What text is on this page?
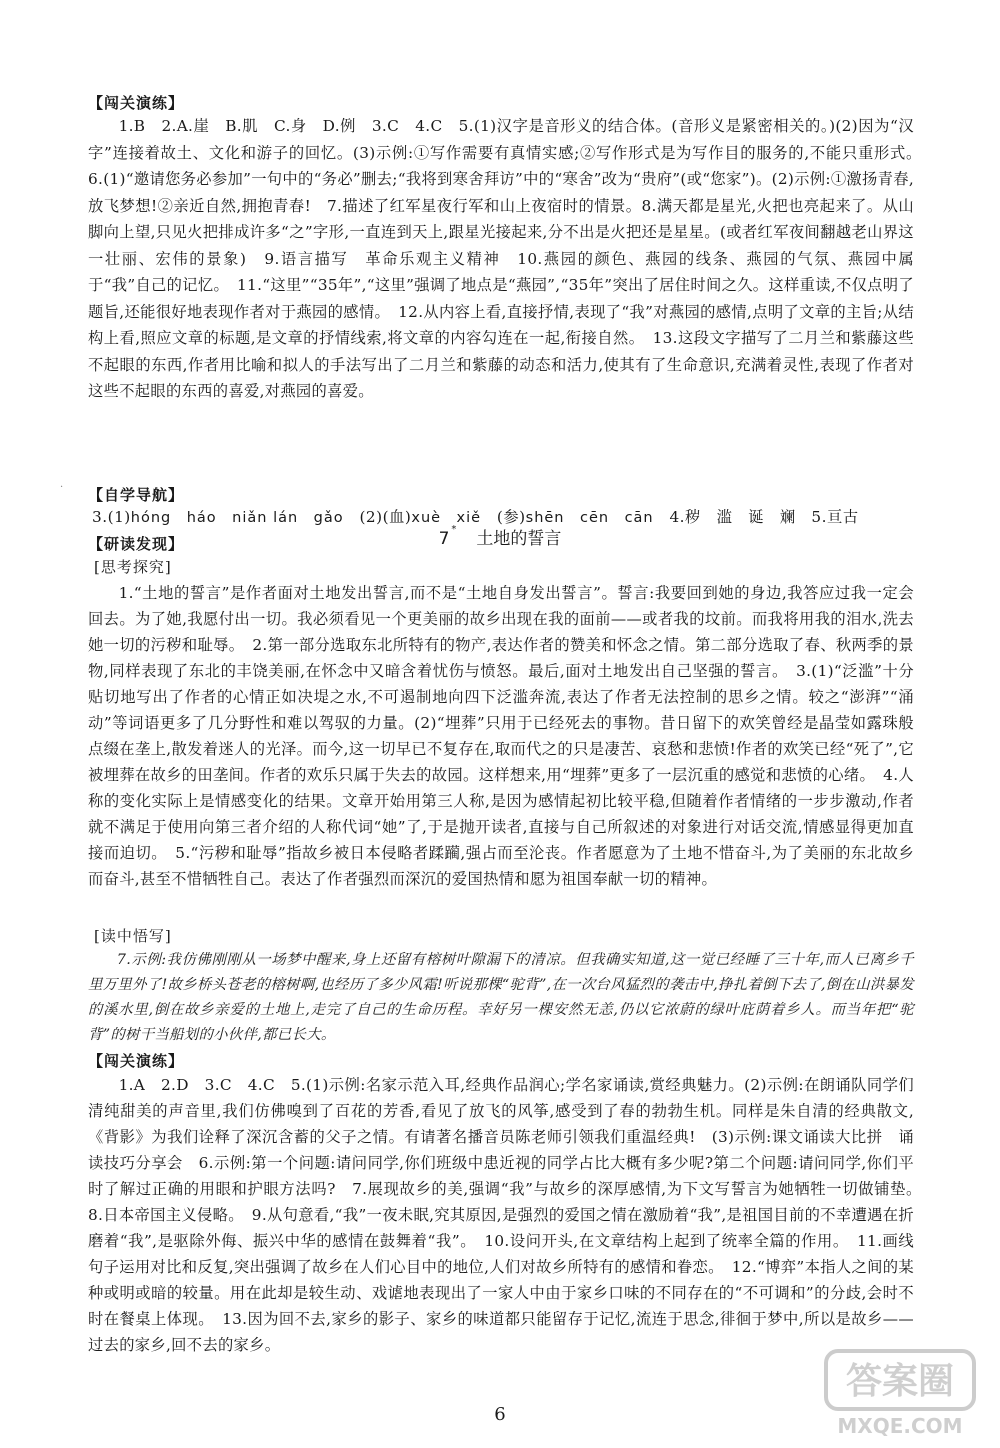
【闯关演练】
1.B　2.A.崖　B.肌　C.身　D.例　3.C　4.C　5.(1)汉字是音形义的结合体。(音形义是紧密相关的。)(2)因为“汉字”连接着故土、文化和游子的回忆。(3)示例:①写作需要有真情实感;②写作形式是为写作目的服务的,不能只重形式。　6.(1)“邀请您务必参加”一句中的“务必”删去;“我将到寒舍拜访”中的“寒舍”改为“贵府”(或“您家”)。(2)示例:①激扬青春,放飞梦想!②亲近自然,拥抱青春!　7.描述了红军星夜行军和山上夜宿时的情景。8.满天都是星光,火把也亮起来了。从山脚向上望,只见火把排成许多“之”字形,一直连到天上,跟星光接起来,分不出是火把还是星星。(或者红军夜间翻越老山界这一壮丽、宏伟的景象)　9.语言描写　革命乐观主义精神　10.燕园的颜色、燕园的线条、燕园的气氛、燕园中属于“我”自己的记忆。　11.“这里”“35年”,“这里”强调了地点是“燕园”,“35年”突出了居住时间之久。这样重读,不仅点明了题旨,还能很好地表现作者对于燕园的感情。　12.从内容上看,直接抒情,表现了“我”对燕园的感情,点明了文章的主旨;从结构上看,照应文章的标题,是文章的抒情线索,将文章的内容勾连在一起,衔接自然。　13.这段文字描写了二月兰和紫藤这些不起眼的东西,作者用比喻和拟人的手法写出了二月兰和紫藤的动态和活力,使其有了生命意识,充满着灵性,表现了作者对这些不起眼的东西的喜爱,对燕园的喜爱。
7 * 土地的誓言
· 【自学导航】
3.(1)hóng　háo　niǎn lán　gǎo　 (2)(血)xuè　xiě　 (参)shēn　cēn　cān　 4.秽　滥　诞　斓　5.亘古
【研读发现】
[思考探究]
1.“土地的誓言”是作者面对土地发出誓言,而不是“土地自身发出誓言”。誓言:我要回到她的身边,我答应过我一定会回去。为了她,我愿付出一切。我必须看见一个更美丽的故乡出现在我的面前——或者我的坟前。而我将用我的泪水,洗去她一切的污秽和耻辱。　2.第一部分选取东北所特有的物产,表达作者的赞美和怀念之情。第二部分选取了春、秋两季的景物,同样表现了东北的丰饶美丽,在怀念中又暗含着忧伤与愤怒。最后,面对土地发出自己坚强的誓言。　3.(1)“泛滥”十分贴切地写出了作者的心情正如决堤之水,不可遏制地向四下泛滥奔流,表达了作者无法控制的思乡之情。较之“澎湃”“涌动”等词语更多了几分野性和难以驾驭的力量。(2)“埋葬”只用于已经死去的事物。昔日留下的欢笑曾经是晶莹如露珠般点缀在垄上,散发着迷人的光泽。而今,这一切早已不复存在,取而代之的只是凄苦、哀愁和悲愤!作者的欢笑已经“死了”,它被埋葬在故乡的田垄间。作者的欢乐只属于失去的故园。这样想来,用“埋葬”更多了一层沉重的感觉和悲愤的心绪。　4.人称的变化实际上是情感变化的结果。文章开始用第三人称,是因为感情起初比较平稳,但随着作者情绪的一步步激动,作者就不满足于使用向第三者介绍的人称代词“她”了,于是抛开读者,直接与自己所叙述的对象进行对话交流,情感显得更加直接而迫切。　5.“污秽和耻辱”指故乡被日本侵略者蹂躏,强占而至沦丧。作者愿意为了土地不惜奋斗,为了美丽的东北故乡而奋斗,甚至不惜牺牲自己。表达了作者强烈而深沉的爱国热情和愿为祖国奉献一切的精神。
[读中悟写]
7.示例:我仿佛刚刚从一场梦中醒来,身上还留有榕树叶隙漏下的清凉。但我确实知道,这一觉已经睡了三十年,而人已离乡千里万里外了!故乡桥头苍老的榕树啊,也经历了多少风霜!听说那棵“驼背”,在一次台风猛烈的袭击中,挣扎着倒下去了,倒在山洪暴发的溪水里,倒在故乡亲爱的土地上,走完了自己的生命历程。幸好另一棵安然无恙,仍以它浓蔚的绿叶庇荫着乡人。而当年把“驼背”的树干当船划的小伙伴,都已长大。
【闯关演练】
1.A　2.D　3.C　4.C　5.(1)示例:名家示范入耳,经典作品润心;学名家诵读,赏经典魅力。(2)示例:在朗诵队同学们清纯甜美的声音里,我们仿佛嗅到了百花的芳香,看见了放飞的风筝,感受到了春的勃勃生机。同样是朱自清的经典散文,《背影》为我们诠释了深沉含蓄的父子之情。有请著名播音员陈老师引领我们重温经典!　(3)示例:课文诵读大比拼　诵读技巧分享会　6.示例:第一个问题:请问同学,你们班级中患近视的同学占比大概有多少呢?第二个问题:请问同学,你们平时了解过正确的用眼和护眼方法吗?　7.展现故乡的美,强调“我”与故乡的深厚感情,为下文写誓言为她牺牲一切做铺垫。　8.日本帝国主义侵略。　9.从句意看,“我”一夜未眠,究其原因,是强烈的爱国之情在激励着“我”,是祖国目前的不幸遭遇在折磨着“我”,是驱除外侮、振兴中华的感情在鼓舞着“我”。　10.设问开头,在文章结构上起到了统率全篇的作用。　11.画线句子运用对比和反复,突出强调了故乡在人们心目中的地位,人们对故乡所特有的感情和眷恋。　12.“博弈”本指人之间的某种或明或暗的较量。用在此却是较生动、戏谑地表现出了一家人中由于家乡口味的不同存在的“不可调和”的分歧,会时不时在餐桌上体现。　13.因为回不去,家乡的影子、家乡的味道都只能留存于记忆,流连于思念,徘徊于梦中,所以是故乡——过去的家乡,回不去的家乡。
6
答案圈
MXQE.COM
